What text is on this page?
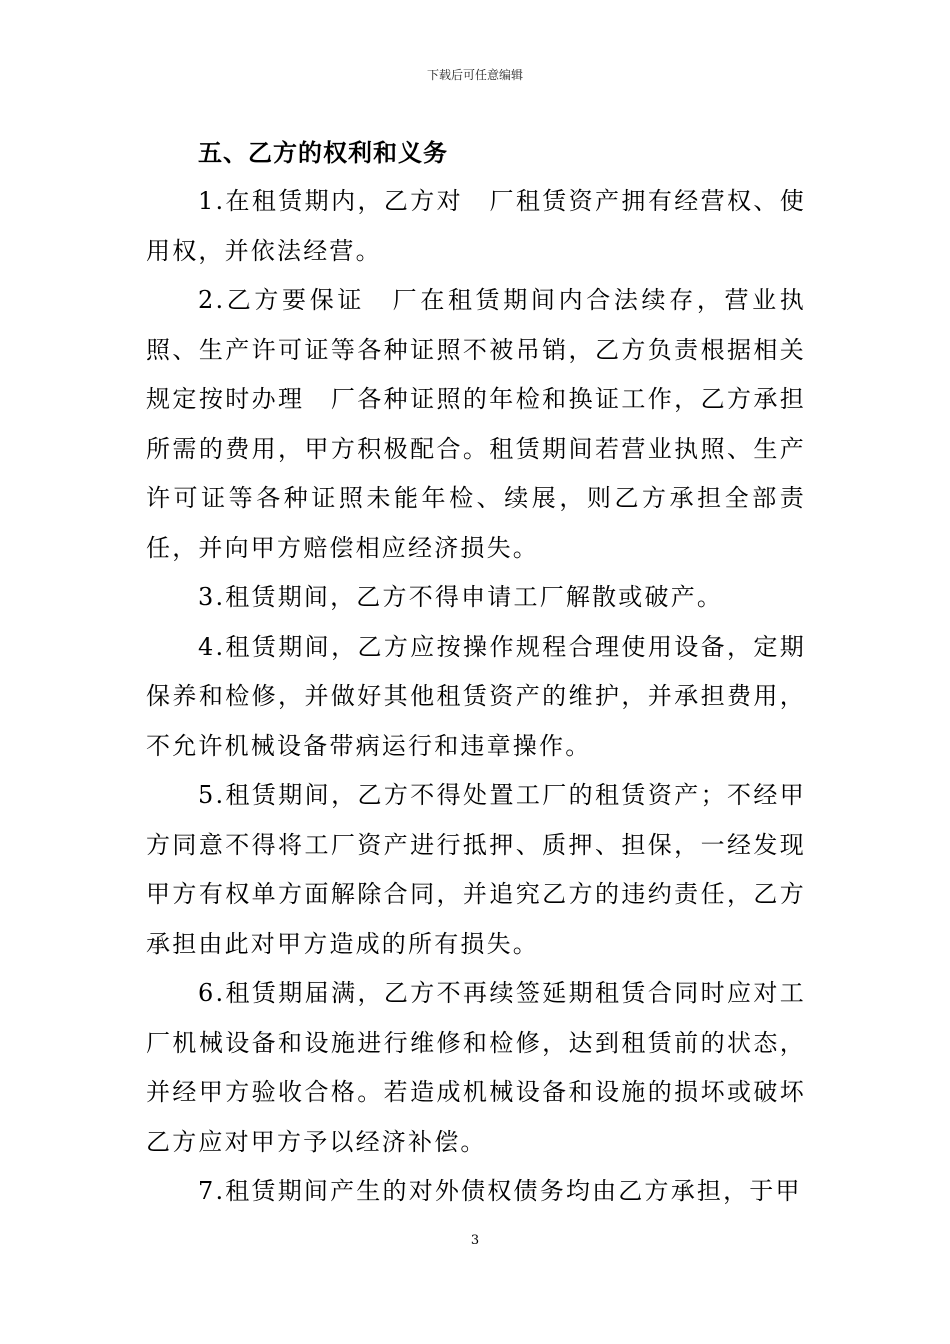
下载后可任意编辑
五、乙方的权利和义务

1.在租赁期内，乙方对　厂租赁资产拥有经营权、使用权，并依法经营。

2.乙方要保证　厂在租赁期间内合法续存，营业执照、生产许可证等各种证照不被吊销，乙方负责根据相关规定按时办理　厂各种证照的年检和换证工作，乙方承担所需的费用，甲方积极配合。租赁期间若营业执照、生产许可证等各种证照未能年检、续展，则乙方承担全部责任，并向甲方赔偿相应经济损失。

3.租赁期间，乙方不得申请工厂解散或破产。

4.租赁期间，乙方应按操作规程合理使用设备，定期保养和检修，并做好其他租赁资产的维护，并承担费用，不允许机械设备带病运行和违章操作。

5.租赁期间，乙方不得处置工厂的租赁资产；不经甲方同意不得将工厂资产进行抵押、质押、担保，一经发现甲方有权单方面解除合同，并追究乙方的违约责任，乙方承担由此对甲方造成的所有损失。

6.租赁期届满，乙方不再续签延期租赁合同时应对工厂机械设备和设施进行维修和检修，达到租赁前的状态，并经甲方验收合格。若造成机械设备和设施的损坏或破坏乙方应对甲方予以经济补偿。

7.租赁期间产生的对外债权债务均由乙方承担，于甲

3
